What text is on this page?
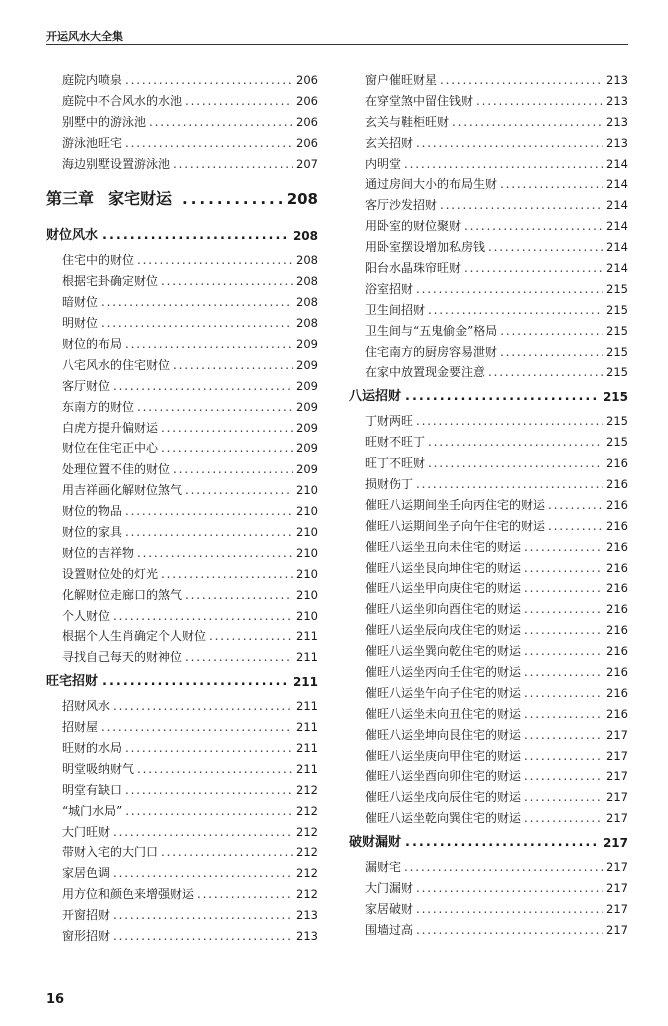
开运风水大全集
庭院内喷泉 .....	206
庭院中不合风水的水池 .....	206
别墅中的游泳池 .....	206
游泳池旺宅 .....	206
海边别墅设置游泳池 .....	207
第三章 家宅财运 .....	208
财位风水 .....	208
住宅中的财位 .....	208
根据宅卦确定财位 .....	208
暗财位 .....	208
明财位 .....	208
财位的布局 .....	209
八宅风水的住宅财位 .....	209
客厅财位 .....	209
东南方的财位 .....	209
白虎方提升偏财运 .....	209
财位在住宅正中心 .....	209
处理位置不佳的财位 .....	209
用吉祥画化解财位煞气 .....	210
财位的物品 .....	210
财位的家具 .....	210
财位的吉祥物 .....	210
设置财位处的灯光 .....	210
化解财位走廊口的煞气 .....	210
个人财位 .....	210
根据个人生肖确定个人财位 .....	211
寻找自己每天的财神位 .....	211
旺宅招财 .....	211
招财风水 .....	211
招财屋 .....	211
旺财的水局 .....	211
明堂吸纳财气 .....	211
明堂有缺口 .....	212
“城门水局” .....	212
大门旺财 .....	212
带财入宅的大门口 .....	212
家居色调 .....	212
用方位和颜色来增强财运 .....	212
开窗招财 .....	213
窗形招财 .....	213
窗户催旺财星 .....	213
在穿堂煞中留住钱财 .....	213
玄关与鞋柜旺财 .....	213
玄关招财 .....	213
内明堂 .....	214
通过房间大小的布局生财 .....	214
客厅沙发招财 .....	214
用卧室的财位聚财 .....	214
用卧室摆设增加私房钱 .....	214
阳台水晶珠帘旺财 .....	214
浴室招财 .....	215
卫生间招财 .....	215
卫生间与“五鬼偷金”格局 .....	215
住宅南方的厨房容易泄财 .....	215
在家中放置现金要注意 .....	215
八运招财 .....	215
丁财两旺 .....	215
旺财不旺丁 .....	215
旺丁不旺财 .....	216
损财伤丁 .....	216
催旺八运期间坐壬向丙住宅的财运 .....	216
催旺八运期间坐子向午住宅的财运 .....	216
催旺八运坐丑向未住宅的财运 .....	216
催旺八运坐艮向坤住宅的财运 .....	216
催旺八运坐甲向庚住宅的财运 .....	216
催旺八运坐卯向酉住宅的财运 .....	216
催旺八运坐辰向戌住宅的财运 .....	216
催旺八运坐巽向乾住宅的财运 .....	216
催旺八运坐丙向壬住宅的财运 .....	216
催旺八运坐午向子住宅的财运 .....	216
催旺八运坐未向丑住宅的财运 .....	216
催旺八运坐坤向艮住宅的财运 .....	217
催旺八运坐庚向甲住宅的财运 .....	217
催旺八运坐酉向卯住宅的财运 .....	217
催旺八运坐戌向辰住宅的财运 .....	217
催旺八运坐乾向巽住宅的财运 .....	217
破财漏财 .....	217
漏财宅 .....	217
大门漏财 .....	217
家居破财 .....	217
围墙过高 .....	217
16
